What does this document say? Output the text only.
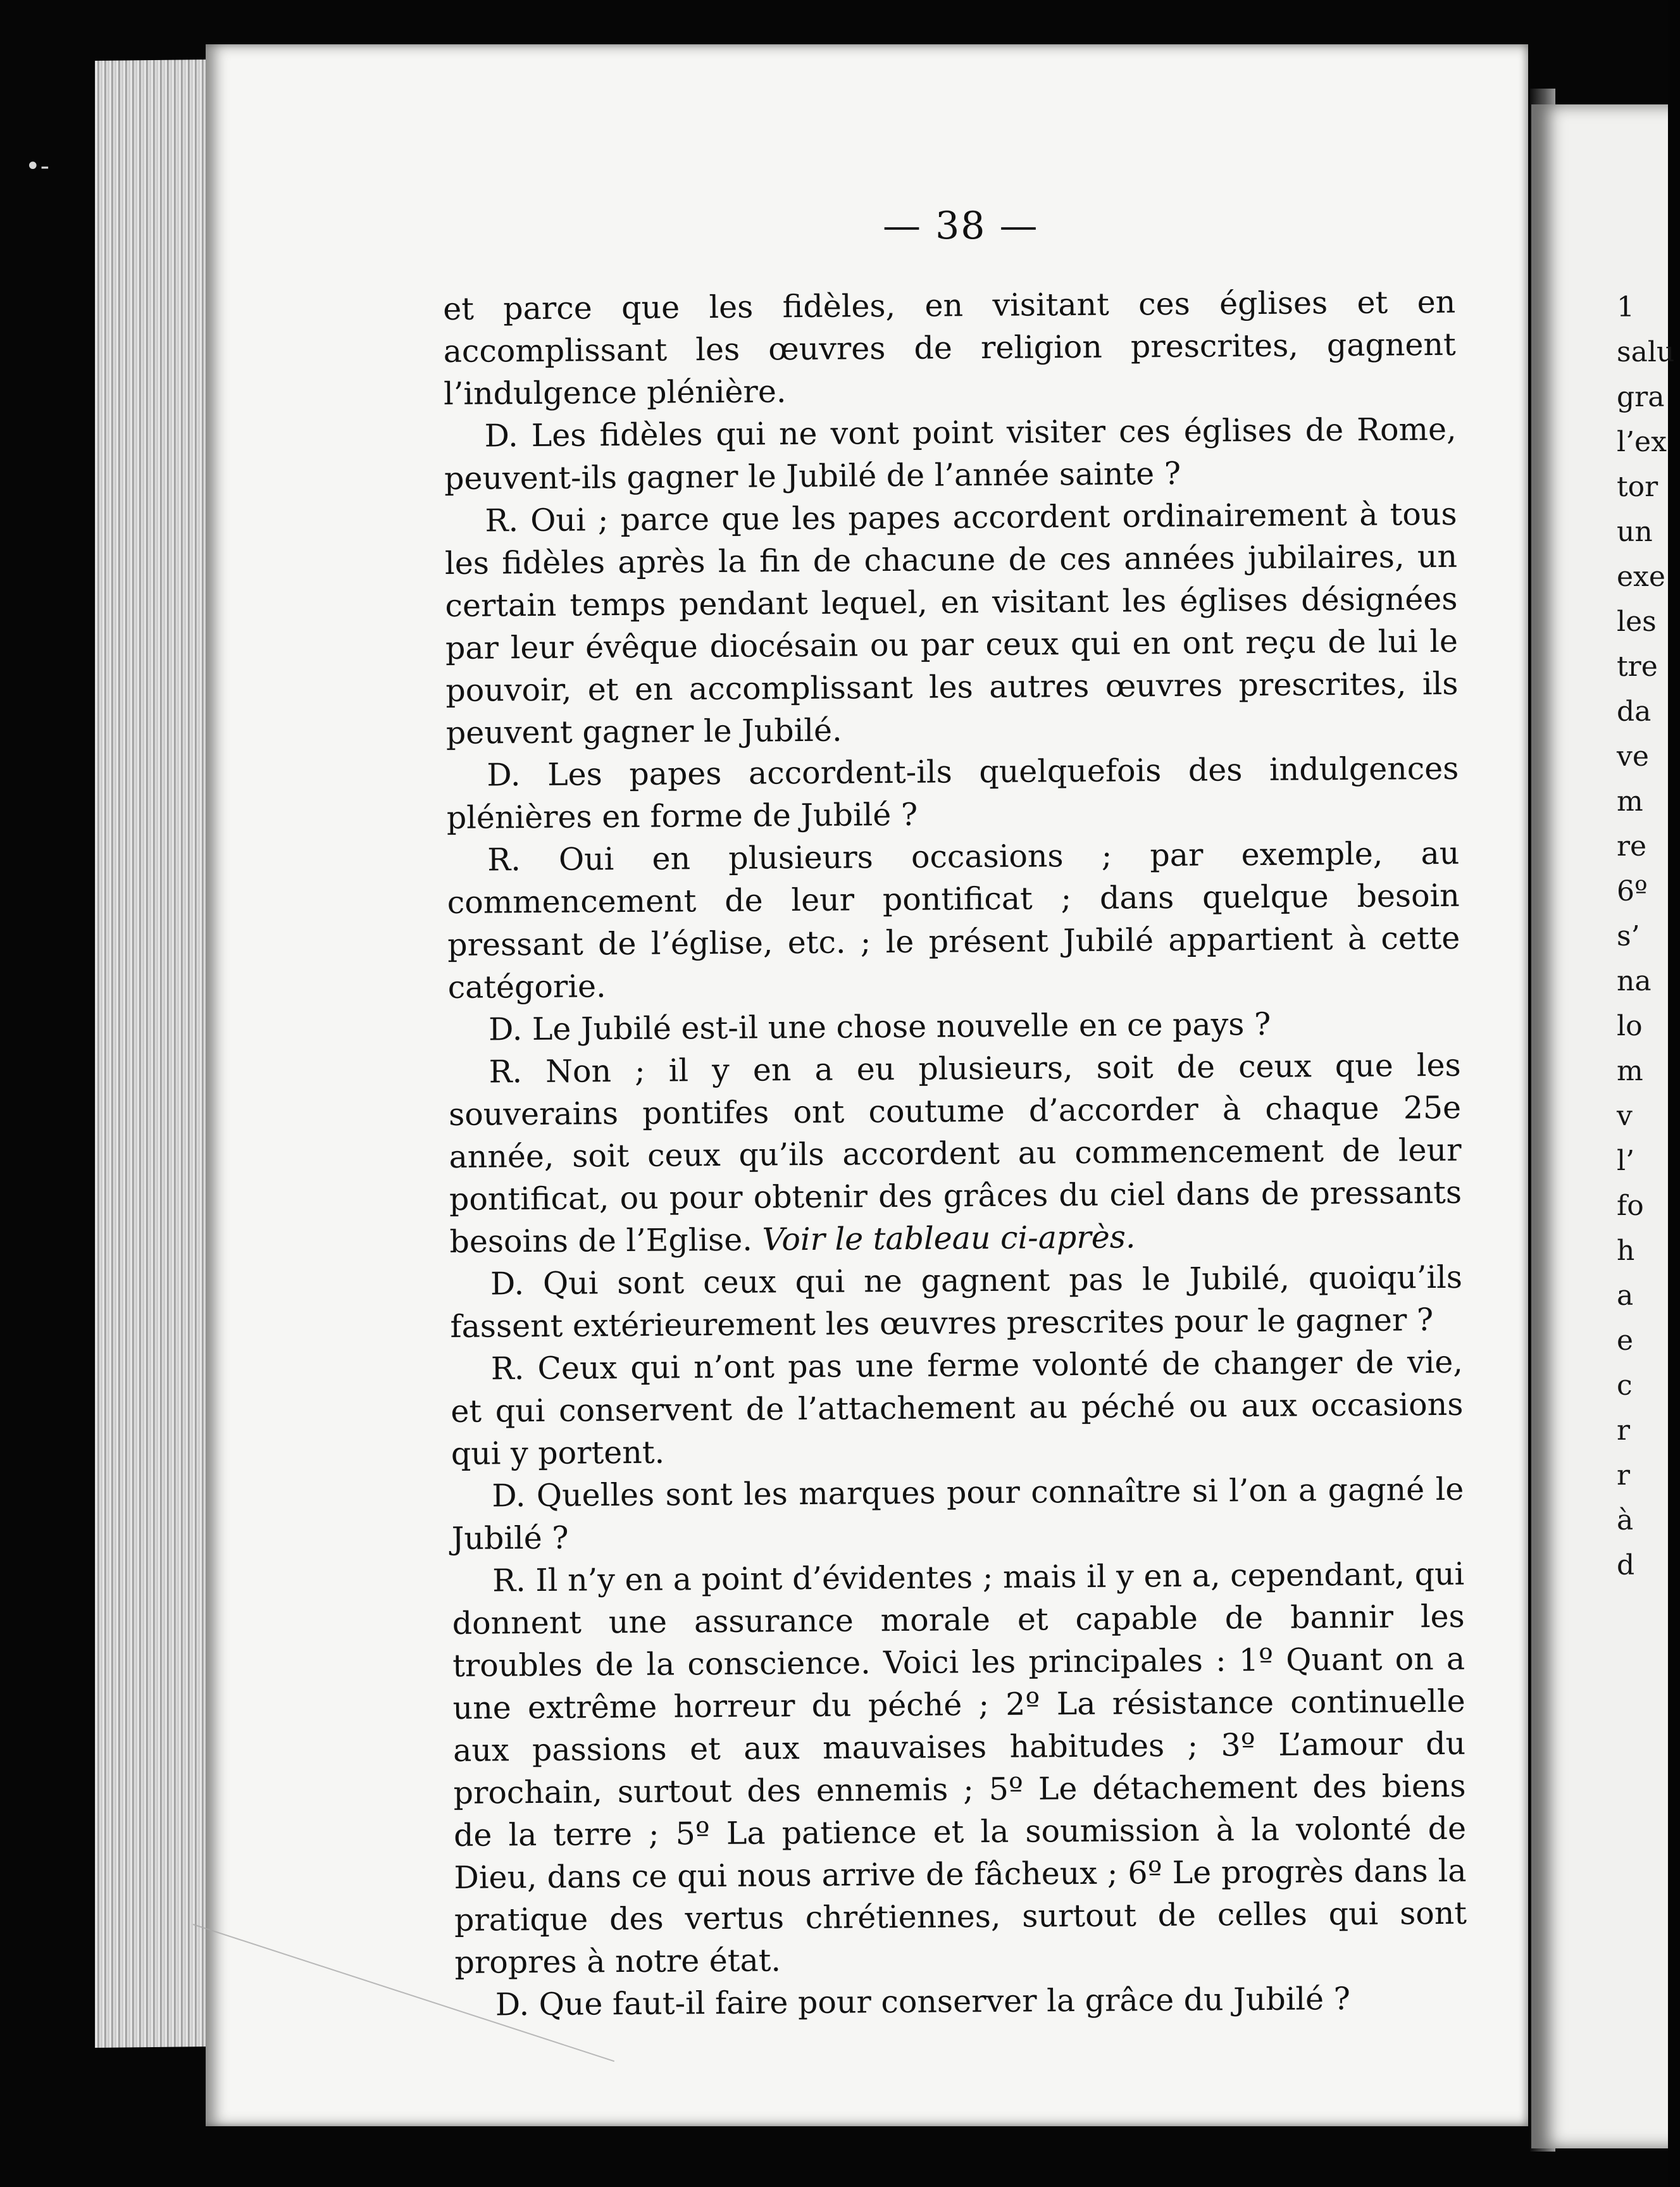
•-
1
salu
gra
l’ex
tor
un
exe
les
tre
da
ve
m
re
6º
s’
na
lo
m
v
l’
fo
h
a
e
c
r
r
à
d
— 38 —

et parce que les fidèles, en visitant ces églises et en accomplissant les œuvres de religion prescrites, gagnent l’indulgence plénière.

D. Les fidèles qui ne vont point visiter ces églises de Rome, peuvent-ils gagner le Jubilé de l’année sainte ?

R. Oui ; parce que les papes accordent ordinairement à tous les fidèles après la fin de chacune de ces années jubilaires, un certain temps pendant lequel, en visitant les églises désignées par leur évêque diocésain ou par ceux qui en ont reçu de lui le pouvoir, et en accomplissant les autres œuvres prescrites, ils peuvent gagner le Jubilé.

D. Les papes accordent-ils quelquefois des indulgences plénières en forme de Jubilé ?

R. Oui en plusieurs occasions ; par exemple, au commencement de leur pontificat ; dans quelque besoin pressant de l’église, etc. ; le présent Jubilé appartient à cette catégorie.

D. Le Jubilé est-il une chose nouvelle en ce pays ?

R. Non ; il y en a eu plusieurs, soit de ceux que les souverains pontifes ont coutume d’accorder à chaque 25e année, soit ceux qu’ils accordent au commencement de leur pontificat, ou pour obtenir des grâces du ciel dans de pressants besoins de l’Eglise. Voir le tableau ci-après.

D. Qui sont ceux qui ne gagnent pas le Jubilé, quoiqu’ils fassent extérieurement les œuvres prescrites pour le gagner ?

R. Ceux qui n’ont pas une ferme volonté de changer de vie, et qui conservent de l’attachement au péché ou aux occasions qui y portent.

D. Quelles sont les marques pour connaître si l’on a gagné le Jubilé ?

R. Il n’y en a point d’évidentes ; mais il y en a, cependant, qui donnent une assurance morale et capable de bannir les troubles de la conscience. Voici les principales : 1º Quant on a une extrême horreur du péché ; 2º La résistance continuelle aux passions et aux mauvaises habitudes ; 3º L’amour du prochain, surtout des ennemis ; 5º Le détachement des biens de la terre ; 5º La patience et la soumission à la volonté de Dieu, dans ce qui nous arrive de fâcheux ; 6º Le progrès dans la pratique des vertus chrétiennes, surtout de celles qui sont propres à notre état.

D. Que faut-il faire pour conserver la grâce du Jubilé ?
